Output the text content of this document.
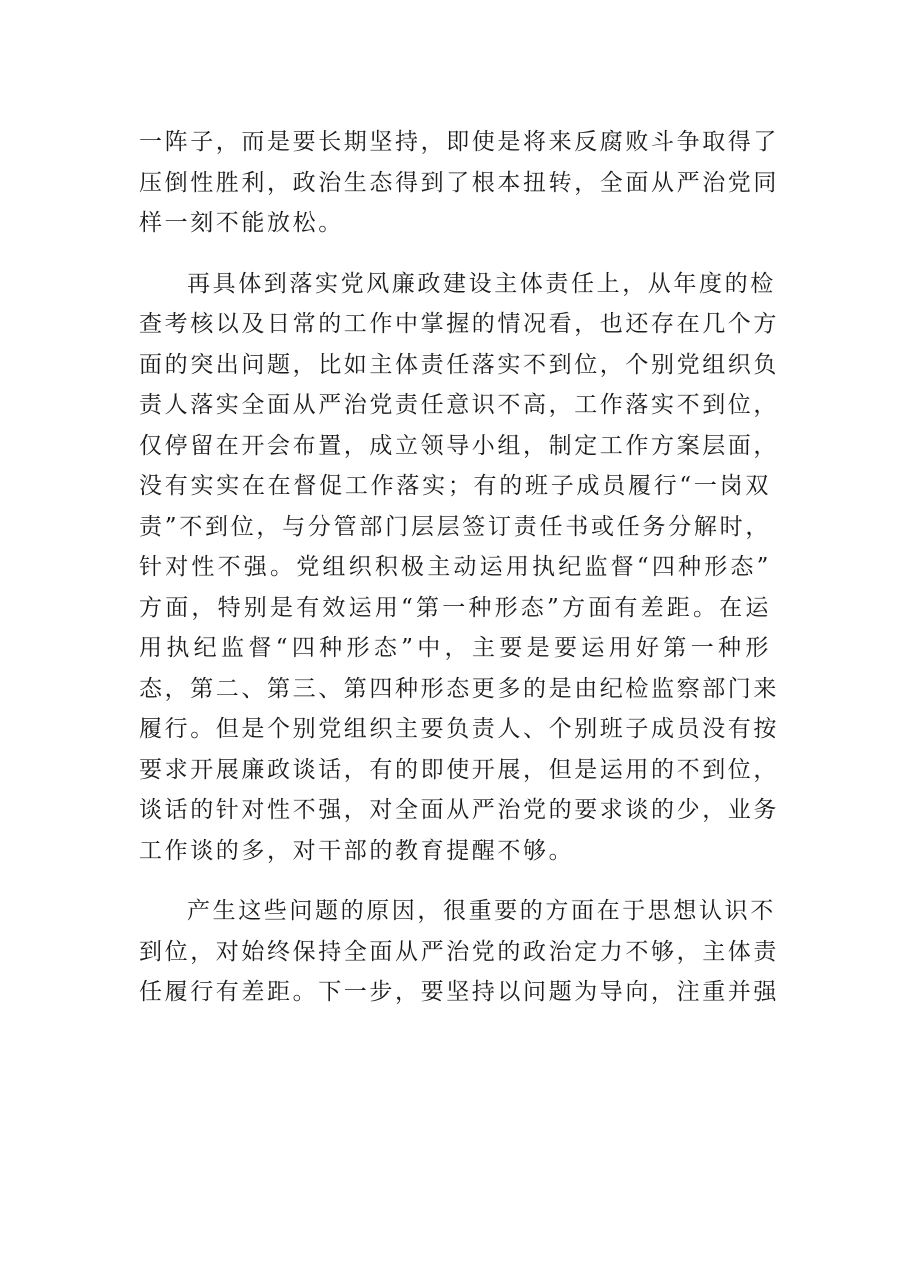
一阵子，而是要长期坚持，即使是将来反腐败斗争取得了
压倒性胜利，政治生态得到了根本扭转，全面从严治党同
样一刻不能放松。
再具体到落实党风廉政建设主体责任上，从年度的检
查考核以及日常的工作中掌握的情况看，也还存在几个方
面的突出问题，比如主体责任落实不到位，个别党组织负
责人落实全面从严治党责任意识不高，工作落实不到位，
仅停留在开会布置，成立领导小组，制定工作方案层面，
没有实实在在督促工作落实；有的班子成员履行“一岗双
责”不到位，与分管部门层层签订责任书或任务分解时，
针对性不强。党组织积极主动运用执纪监督“四种形态”
方面，特别是有效运用“第一种形态”方面有差距。在运
用执纪监督“四种形态”中，主要是要运用好第一种形
态，第二、第三、第四种形态更多的是由纪检监察部门来
履行。但是个别党组织主要负责人、个别班子成员没有按
要求开展廉政谈话，有的即使开展，但是运用的不到位，
谈话的针对性不强，对全面从严治党的要求谈的少，业务
工作谈的多，对干部的教育提醒不够。
产生这些问题的原因，很重要的方面在于思想认识不
到位，对始终保持全面从严治党的政治定力不够，主体责
任履行有差距。下一步，要坚持以问题为导向，注重并强
